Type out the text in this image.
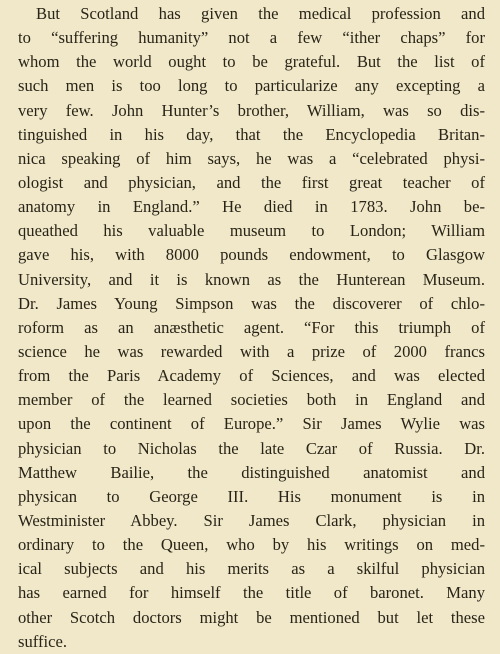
But Scotland has given the medical profession and
to “suffering humanity” not a few “ither chaps” for
whom the world ought to be grateful. But the list of
such men is too long to particularize any excepting a
very few. John Hunter’s brother, William, was so dis-
tinguished in his day, that the Encyclopedia Britan-
nica speaking of him says, he was a “celebrated physi-
ologist and physician, and the first great teacher of
anatomy in England.” He died in 1783. John be-
queathed his valuable museum to London; William
gave his, with 8000 pounds endowment, to Glasgow
University, and it is known as the Hunterean Museum.
Dr. James Young Simpson was the discoverer of chlo-
roform as an anæsthetic agent. “For this triumph of
science he was rewarded with a prize of 2000 francs
from the Paris Academy of Sciences, and was elected
member of the learned societies both in England and
upon the continent of Europe.” Sir James Wylie was
physician to Nicholas the late Czar of Russia. Dr.
Matthew Bailie, the distinguished anatomist and
physican to George III. His monument is in
Westminister Abbey. Sir James Clark, physician in
ordinary to the Queen, who by his writings on med-
ical subjects and his merits as a skilful physician
has earned for himself the title of baronet. Many
other Scotch doctors might be mentioned but let these
suffice.
